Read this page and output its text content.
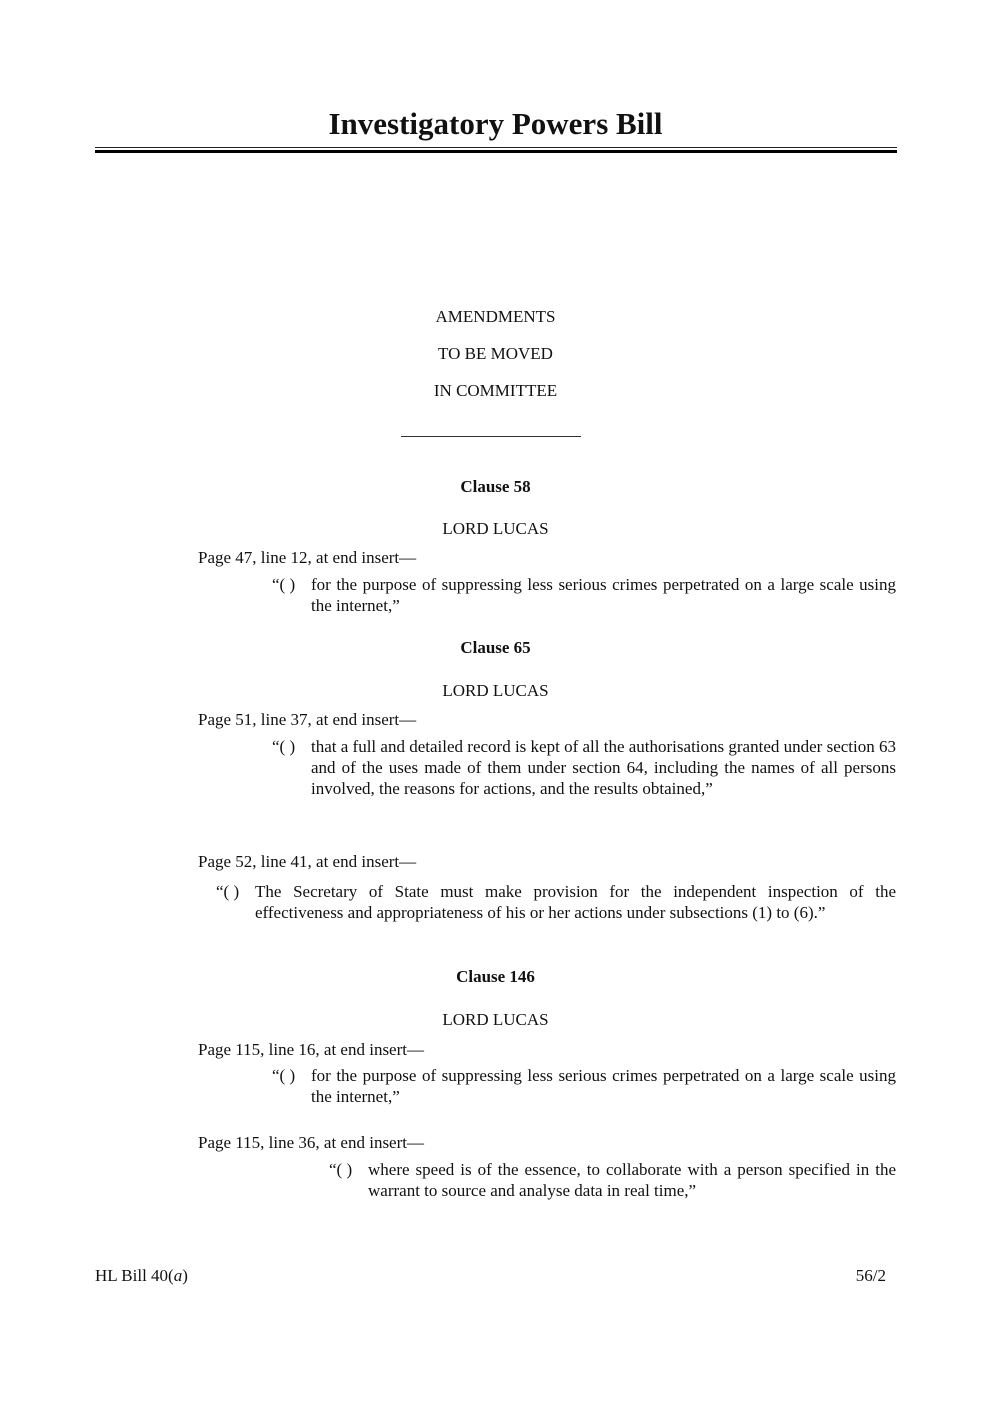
Investigatory Powers Bill
AMENDMENTS
TO BE MOVED
IN COMMITTEE
Clause 58
LORD LUCAS
Page 47, line 12, at end insert—
“( ) for the purpose of suppressing less serious crimes perpetrated on a large scale using the internet,”
Clause 65
LORD LUCAS
Page 51, line 37, at end insert—
“( ) that a full and detailed record is kept of all the authorisations granted under section 63 and of the uses made of them under section 64, including the names of all persons involved, the reasons for actions, and the results obtained,”
Page 52, line 41, at end insert—
“( ) The Secretary of State must make provision for the independent inspection of the effectiveness and appropriateness of his or her actions under subsections (1) to (6).”
Clause 146
LORD LUCAS
Page 115, line 16, at end insert—
“( ) for the purpose of suppressing less serious crimes perpetrated on a large scale using the internet,”
Page 115, line 36, at end insert—
“( ) where speed is of the essence, to collaborate with a person specified in the warrant to source and analyse data in real time,”
HL Bill 40(a)	56/2
